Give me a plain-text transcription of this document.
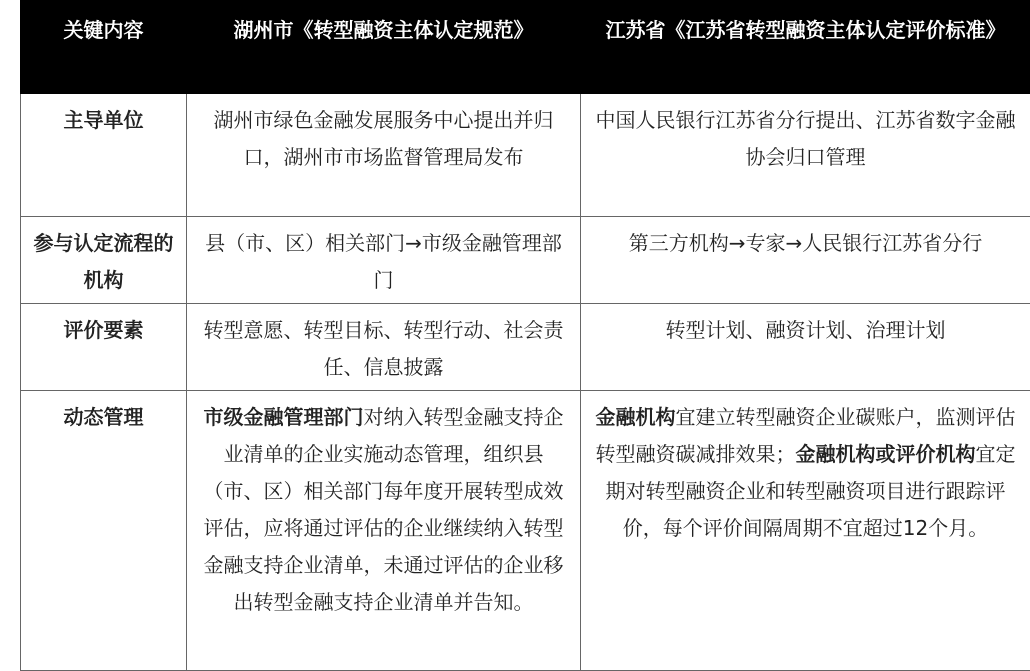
关键内容	湖州市《转型融资主体认定规范》	江苏省《江苏省转型融资主体认定评价标准》
主导单位	湖州市绿色金融发展服务中心提出并归口，湖州市市场监督管理局发布	中国人民银行江苏省分行提出、江苏省数字金融协会归口管理
参与认定流程的机构	县（市、区）相关部门→市级金融管理部门	第三方机构→专家→人民银行江苏省分行
评价要素	转型意愿、转型目标、转型行动、社会责任、信息披露	转型计划、融资计划、治理计划
动态管理	市级金融管理部门对纳入转型金融支持企业清单的企业实施动态管理，组织县（市、区）相关部门每年度开展转型成效评估，应将通过评估的企业继续纳入转型金融支持企业清单，未通过评估的企业移出转型金融支持企业清单并告知。	金融机构宜建立转型融资企业碳账户，监测评估转型融资碳减排效果；金融机构或评价机构宜定期对转型融资企业和转型融资项目进行跟踪评价，每个评价间隔周期不宜超过12个月。
